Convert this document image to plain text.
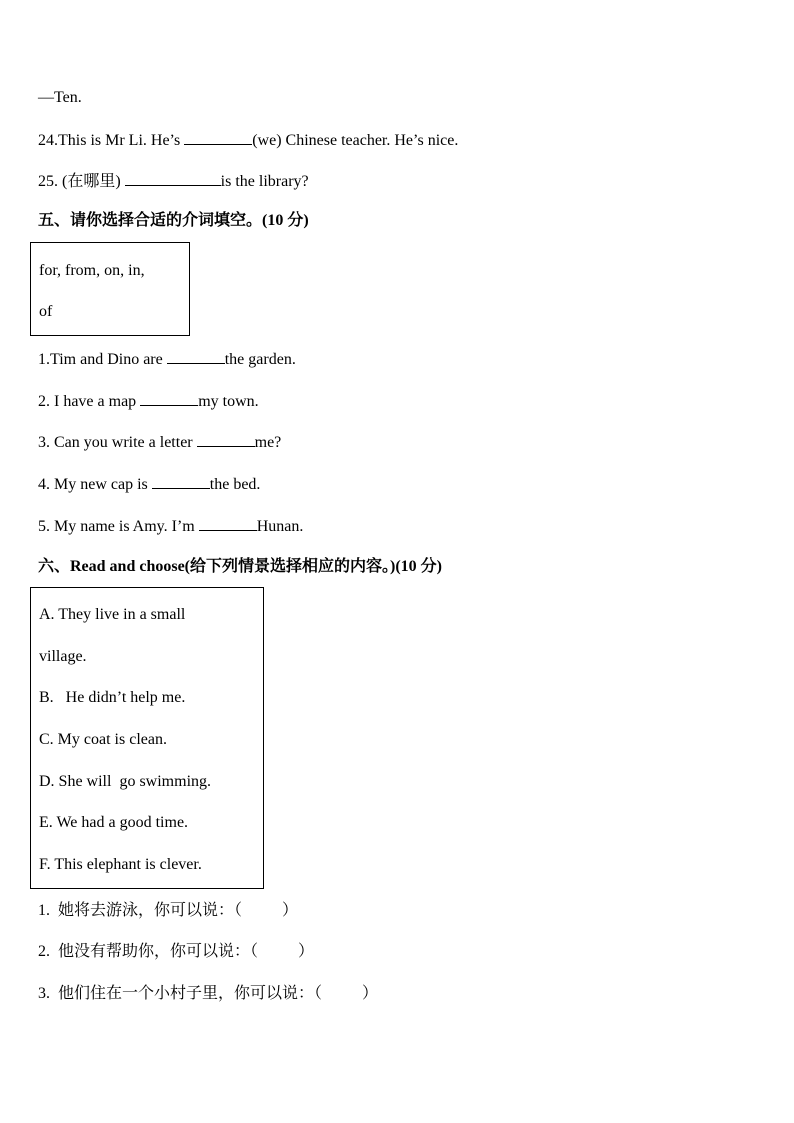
—Ten.
24.This is Mr Li. He’s	(we) Chinese teacher. He’s nice.
25. (在哪里)	is the library?
五、请你选择合适的介词填空。(10 分)
for, from, on, in,
of
1.Tim and Dino are	the garden.
2. I have a map	my town.
3. Can you write a letter	me?
4. My new cap is	the bed.
5. My name is Amy. I’m	Hunan.
六、Read and choose(给下列情景选择相应的内容。)(10 分)
A. They live in a small
village.
B.   He didn’t help me.
C. My coat is clean.
D. She will  go swimming.
E. We had a good time.
F. This elephant is clever.
1.  她将去游泳，你可以说：（          ）
2.  他没有帮助你，你可以说：（          ）
3.  他们住在一个小村子里，你可以说：（          ）
